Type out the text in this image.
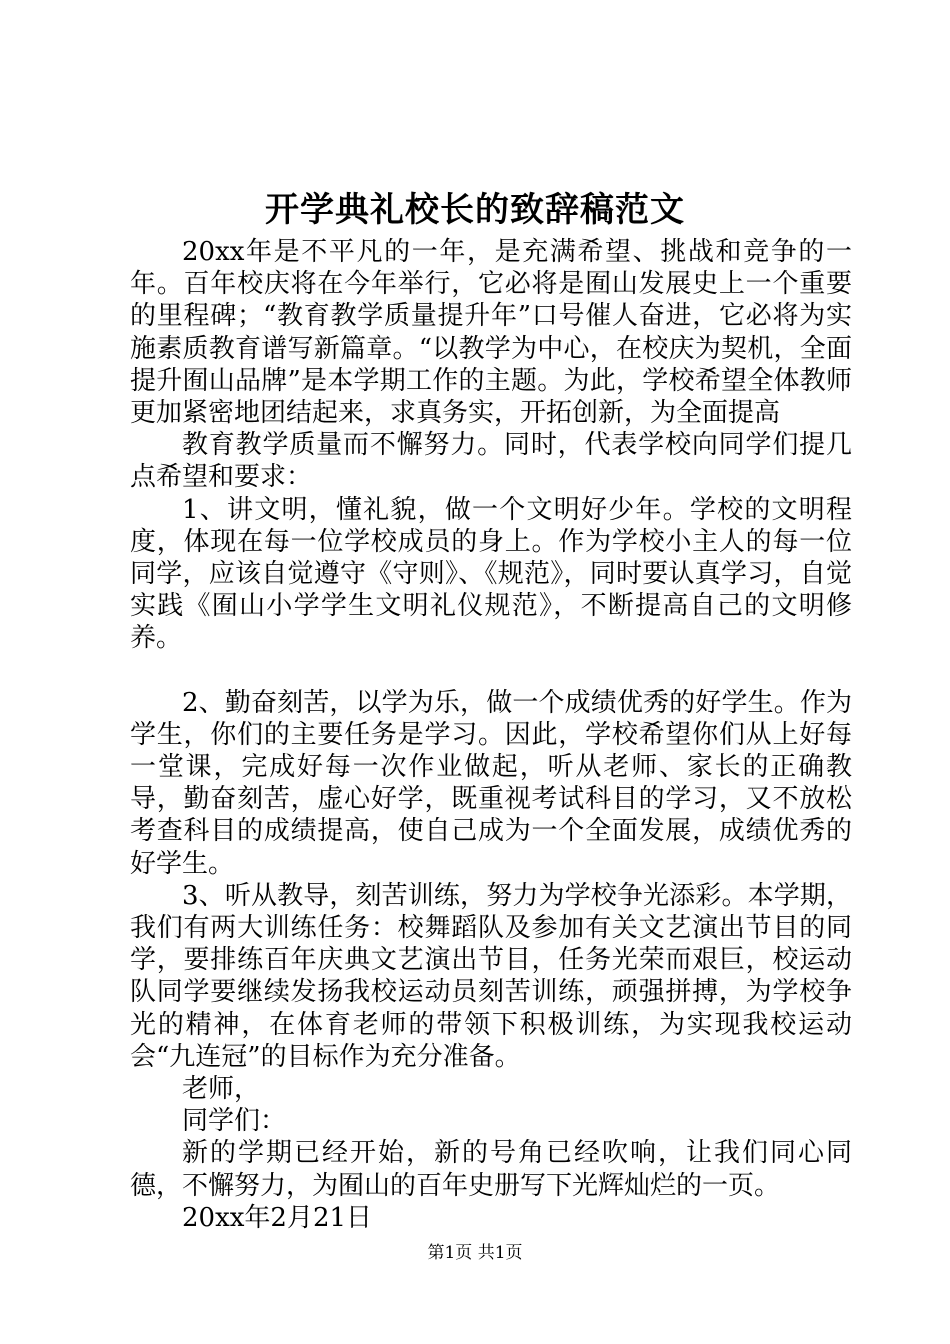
开学典礼校长的致辞稿范文

20xx年是不平凡的一年，是充满希望、挑战和竞争的一年。百年校庆将在今年举行，它必将是囿山发展史上一个重要的里程碑；“教育教学质量提升年”口号催人奋进，它必将为实施素质教育谱写新篇章。“以教学为中心，在校庆为契机，全面提升囿山品牌”是本学期工作的主题。为此，学校希望全体教师更加紧密地团结起来，求真务实，开拓创新，为全面提高

教育教学质量而不懈努力。同时，代表学校向同学们提几点希望和要求：

1、讲文明，懂礼貌，做一个文明好少年。学校的文明程度，体现在每一位学校成员的身上。作为学校小主人的每一位同学，应该自觉遵守《守则》、《规范》，同时要认真学习，自觉实践《囿山小学学生文明礼仪规范》，不断提高自己的文明修养。

2、勤奋刻苦，以学为乐，做一个成绩优秀的好学生。作为学生，你们的主要任务是学习。因此，学校希望你们从上好每一堂课，完成好每一次作业做起，听从老师、家长的正确教导，勤奋刻苦，虚心好学，既重视考试科目的学习，又不放松考查科目的成绩提高，使自己成为一个全面发展，成绩优秀的好学生。

3、听从教导，刻苦训练，努力为学校争光添彩。本学期，我们有两大训练任务：校舞蹈队及参加有关文艺演出节目的同学，要排练百年庆典文艺演出节目，任务光荣而艰巨，校运动队同学要继续发扬我校运动员刻苦训练，顽强拼搏，为学校争光的精神，在体育老师的带领下积极训练，为实现我校运动会“九连冠”的目标作为充分准备。

老师，

同学们：

新的学期已经开始，新的号角已经吹响，让我们同心同德，不懈努力，为囿山的百年史册写下光辉灿烂的一页。

20xx年2月21日

第1页 共1页
